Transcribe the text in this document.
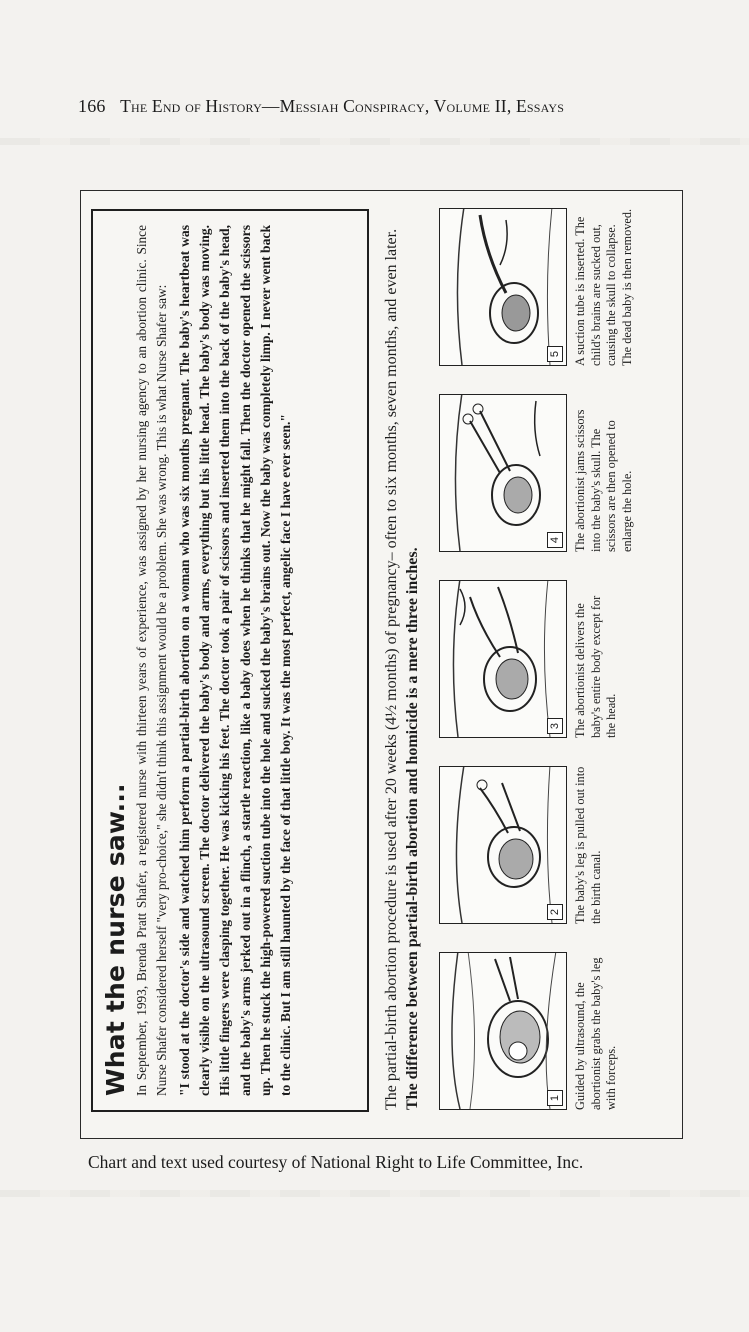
166 The End of History—Messiah Conspiracy, Volume II, Essays
What the nurse saw... In September, 1993, Brenda Pratt Shafer, a registered nurse with thirteen years of experience, was assigned by her nursing agency to an abortion clinic. Since Nurse Shafer considered herself "very pro-choice," she didn't think this assignment would be a problem. She was wrong. This is what Nurse Shafer saw: "I stood at the doctor's side and watched him perform a partial-birth abortion on a woman who was six months pregnant. The baby's heartbeat was clearly visible on the ultrasound screen. The doctor delivered the baby's body and arms, everything but his little head. The baby's body was moving. His little fingers were clasping together. He was kicking his feet. The doctor took a pair of scissors and inserted them into the back of the baby's head, and the baby's arms jerked out in a flinch, a startle reaction, like a baby does when he thinks that he might fall. Then the doctor opened the scissors up. Then he stuck the high-powered suction tube into the hole and sucked the baby's brains out. Now the baby was completely limp. I never went back to the clinic. But I am still haunted by the face of that little boy. It was the most perfect, angelic face I have ever seen."	The partial-birth abortion procedure is used after 20 weeks (4½ months) of pregnancy– often to six months, seven months, and even later. The difference between partial-birth abortion and homicide is a mere three inches.	1 Guided by ultrasound, the abortionist grabs the baby's leg with forceps.
2 The baby's leg is pulled out into the birth canal.
3 The abortionist delivers the baby's entire body except for the head.
4 The abortionist jams scissors into the baby's skull. The scissors are then opened to enlarge the hole.
5 A suction tube is inserted. The child's brains are sucked out, causing the skull to collapse. The dead baby is then removed.
Chart and text used courtesy of National Right to Life Committee, Inc.
